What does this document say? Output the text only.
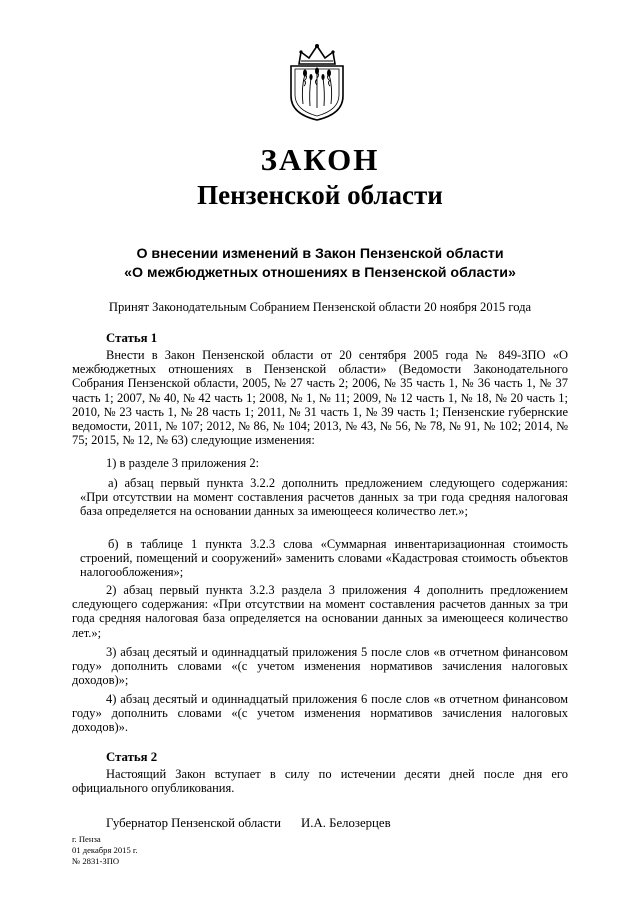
ЗАКОН
Пензенской области
О внесении изменений в Закон Пензенской области
«О межбюджетных отношениях в Пензенской области»
Принят Законодательным Собранием Пензенской области 20 ноября 2015 года
Статья 1
Внести в Закон Пензенской области от 20 сентября 2005 года № 849-ЗПО «О межбюджетных отношениях в Пензенской области» (Ведомости Законодательного Собрания Пензенской области, 2005, № 27 часть 2; 2006, № 35 часть 1, № 36 часть 1, № 37 часть 1; 2007, № 40, № 42 часть 1; 2008, № 1, № 11; 2009, № 12 часть 1, № 18, № 20 часть 1; 2010, № 23 часть 1, № 28 часть 1; 2011, № 31 часть 1, № 39 часть 1; Пензенские губернские ведомости, 2011, № 107; 2012, № 86, № 104; 2013, № 43, № 56, № 78, № 91, № 102; 2014, № 75; 2015, № 12, № 63) следующие изменения:
1) в разделе 3 приложения 2:
а) абзац первый пункта 3.2.2 дополнить предложением следующего содержания: «При отсутствии на момент составления расчетов данных за три года средняя налоговая база определяется на основании данных за имеющееся количество лет.»;
б) в таблице 1 пункта 3.2.3 слова «Суммарная инвентаризационная стоимость строений, помещений и сооружений» заменить словами «Кадастровая стоимость объектов налогообложения»;
2) абзац первый пункта 3.2.3 раздела 3 приложения 4 дополнить предложением следующего содержания: «При отсутствии на момент составления расчетов данных за три года средняя налоговая база определяется на основании данных за имеющееся количество лет.»;
3) абзац десятый и одиннадцатый приложения 5 после слов «в отчетном финансовом году» дополнить словами «(с учетом изменения нормативов зачисления налоговых доходов)»;
4) абзац десятый и одиннадцатый приложения 6 после слов «в отчетном финансовом году» дополнить словами «(с учетом изменения нормативов зачисления налоговых доходов)».
Статья 2
Настоящий Закон вступает в силу по истечении десяти дней после дня его официального опубликования.
Губернатор Пензенской области И.А. Белозерцев
г. Пенза
01 декабря 2015 г.
№ 2831-ЗПО
